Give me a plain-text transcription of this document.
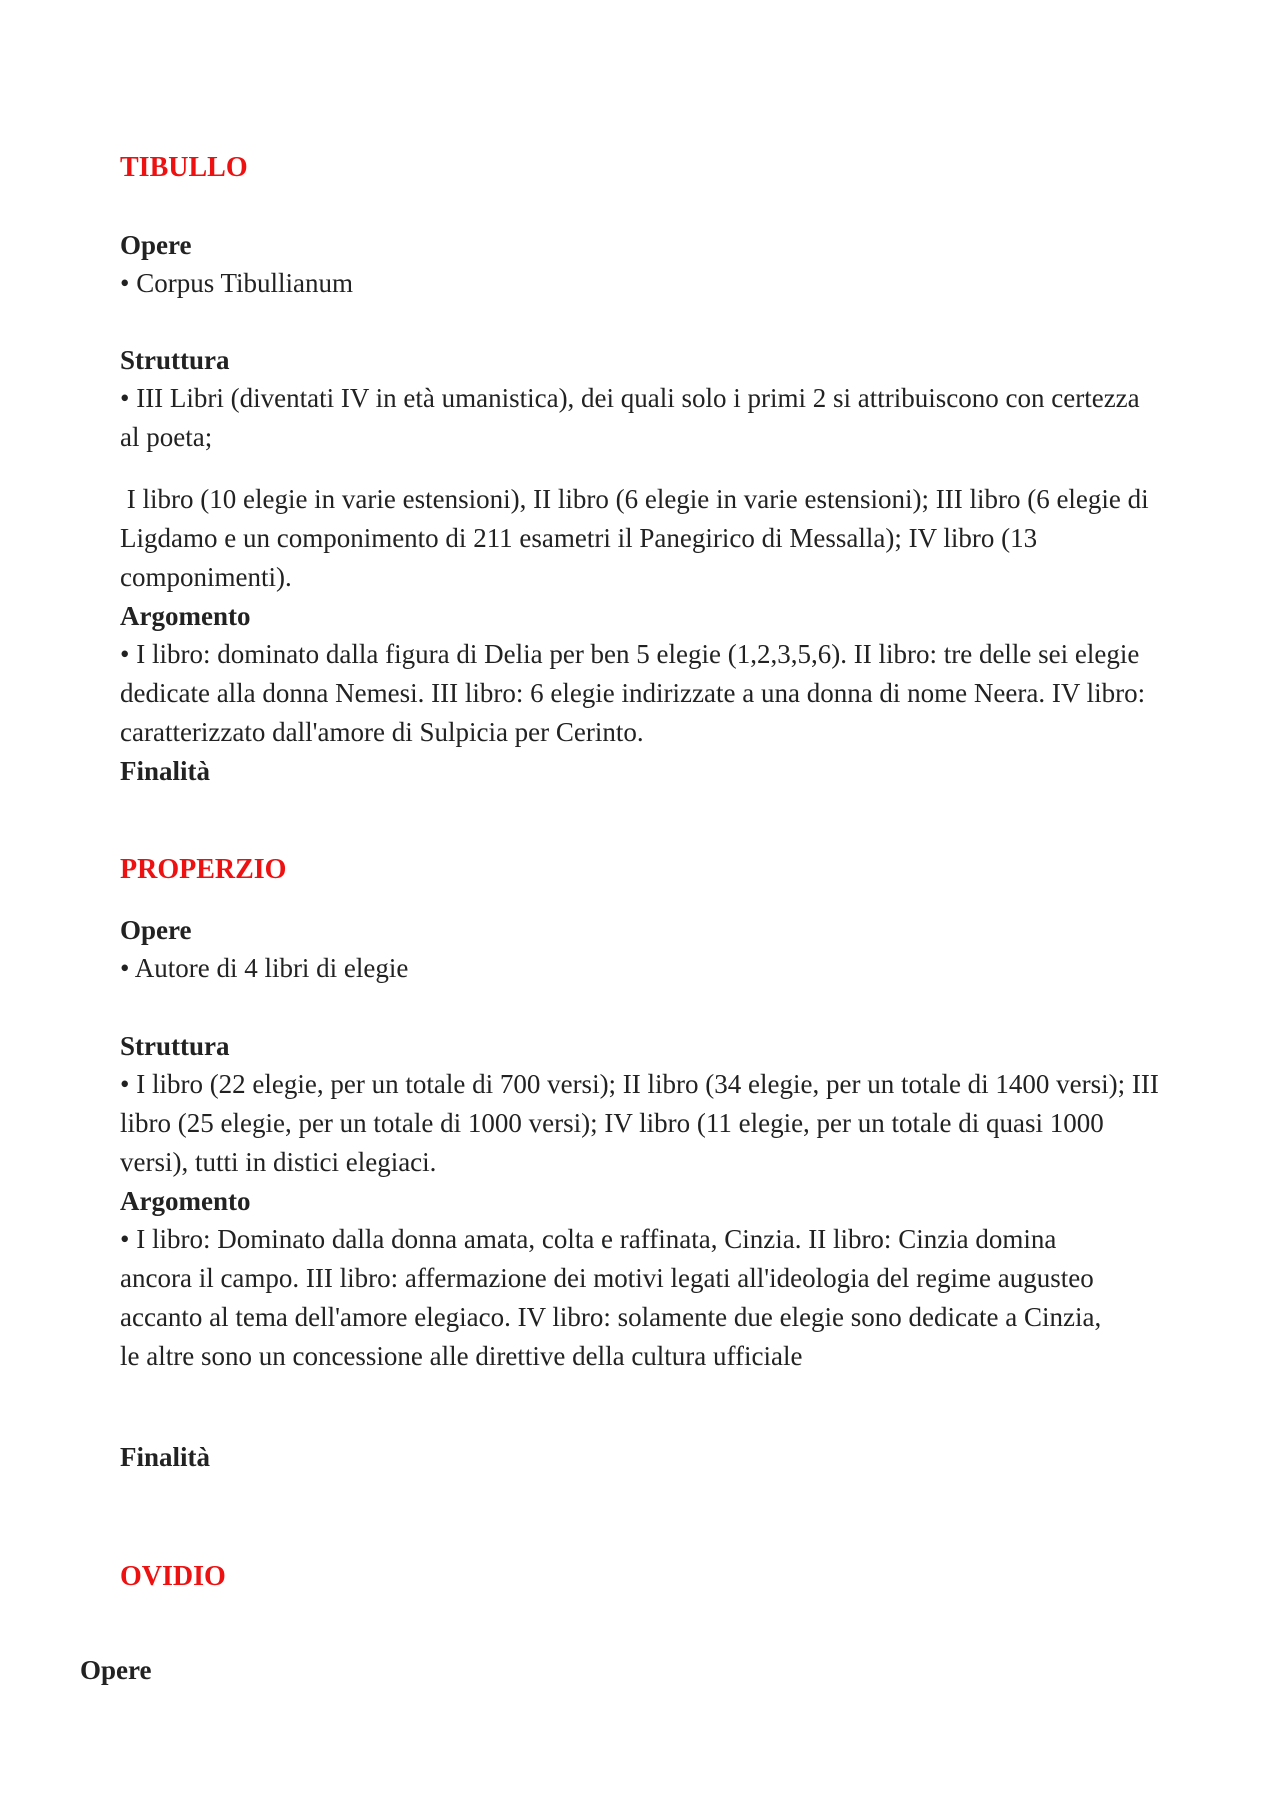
TIBULLO
Opere
• Corpus Tibullianum
Struttura
• III Libri (diventati IV in età umanistica), dei quali solo i primi 2 si attribuiscono con certezza al poeta;
I libro (10 elegie in varie estensioni), II libro (6 elegie in varie estensioni); III libro (6 elegie di Ligdamo e un componimento di 211 esametri il Panegirico di Messalla); IV libro (13 componimenti).
Argomento
• I libro: dominato dalla figura di Delia per ben 5 elegie (1,2,3,5,6). II libro: tre delle sei elegie dedicate alla donna Nemesi. III libro: 6 elegie indirizzate a una donna di nome Neera. IV libro: caratterizzato dall'amore di Sulpicia per Cerinto.
Finalità
PROPERZIO
Opere
• Autore di 4 libri di elegie
Struttura
• I libro (22 elegie, per un totale di 700 versi); II libro (34 elegie, per un totale di 1400 versi); III libro (25 elegie, per un totale di 1000 versi); IV libro (11 elegie, per un totale di quasi 1000 versi), tutti in distici elegiaci.
Argomento
• I libro: Dominato dalla donna amata, colta e raffinata, Cinzia. II libro: Cinzia domina ancora il campo. III libro: affermazione dei motivi legati all'ideologia del regime augusteo accanto al tema dell'amore elegiaco. IV libro: solamente due elegie sono dedicate a Cinzia, le altre sono un concessione alle direttive della cultura ufficiale
Finalità
OVIDIO
Opere
